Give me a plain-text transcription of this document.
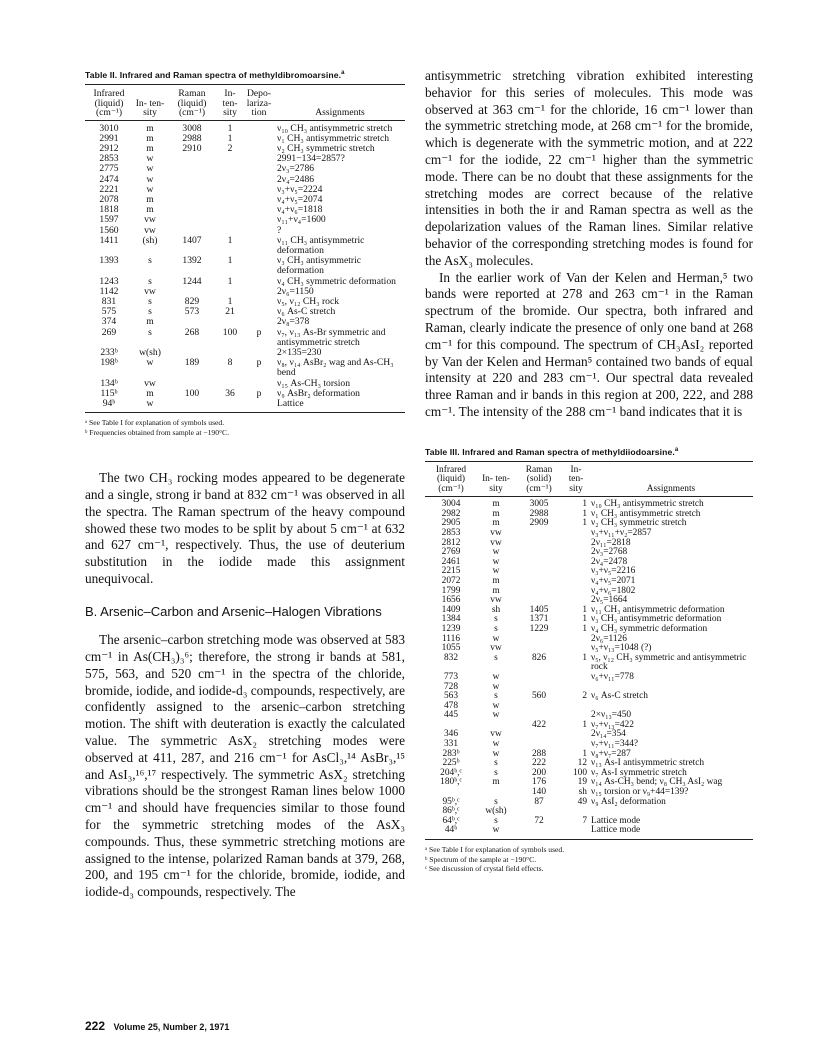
Table II. Infrared and Raman spectra of methyldibromoarsine.$^a$
Infrared (liquid) (cm⁻¹)	In- ten- sity	Raman (liquid) (cm⁻¹)	In- ten- sity	Depo- lariza- tion	Assignments
3010	m	3008	1		ν₁₀ CH₃ antisymmetric stretch
2991	m	2988	1		ν₁ CH₃ antisymmetric stretch
2912	m	2910	2		ν₂ CH₃ symmetric stretch
2853	w				2991−134=2857?
2775	w				2ν₃=2786
2474	w				2ν₄=2486
2221	w				ν₃+ν₅=2224
2078	m				ν₄+ν₅=2074
1818	m				ν₄+ν₆=1818
1597	vw				ν₁₁+ν₄=1600
1560	vw				?
1411	(sh)	1407	1		ν₁₁ CH₃ antisymmetric deformation
1393	s	1392	1		ν₃ CH₃ antisymmetric deformation
1243	s	1244	1		ν₄ CH₃ symmetric deformation
1142	vw				2ν₆=1150
831	s	829	1		ν₅, ν₁₂ CH₃ rock
575	s	573	21		ν₆ As-C stretch
374	m				2ν₈=378
269	s	268	100	p	ν₇, ν₁₃ As-Br symmetric and antisymmetric stretch
233ᵇ	w(sh)				2×135=230
198ᵇ	w	189	8	p	ν₈, ν₁₄ AsBr₂ wag and As-CH₃ bend
134ᵇ	vw				ν₁₅ As-CH₃ torsion
115ᵇ	m	100	36	p	ν₉ AsBr₂ deformation
94ᵇ	w				Lattice
ᵃ See Table I for explanation of symbols used.
ᵇ Frequencies obtained from sample at −190°C.

The two CH₃ rocking modes appeared to be degenerate and a single, strong ir band at 832 cm⁻¹ was observed in all the spectra. The Raman spectrum of the heavy compound showed these two modes to be split by about 5 cm⁻¹ at 632 and 627 cm⁻¹, respectively. Thus, the use of deuterium substitution in the iodide made this assignment unequivocal.

B. Arsenic–Carbon and Arsenic–Halogen Vibrations

The arsenic–carbon stretching mode was observed at 583 cm⁻¹ in As(CH₃)₃⁶; therefore, the strong ir bands at 581, 575, 563, and 520 cm⁻¹ in the spectra of the chloride, bromide, iodide, and iodide-d₃ compounds, respectively, are confidently assigned to the arsenic–carbon stretching motion. The shift with deuteration is exactly the calculated value. The symmetric AsX₂ stretching modes were observed at 411, 287, and 216 cm⁻¹ for AsCl₃,¹⁴ AsBr₃,¹⁵ and AsI₃,¹⁶,¹⁷ respectively. The symmetric AsX₂ stretching vibrations should be the strongest Raman lines below 1000 cm⁻¹ and should have frequencies similar to those found for the symmetric stretching modes of the AsX₃ compounds. Thus, these symmetric stretching motions are assigned to the intense, polarized Raman bands at 379, 268, 200, and 195 cm⁻¹ for the chloride, bromide, iodide, and iodide-d₃ compounds, respectively. The

antisymmetric stretching vibration exhibited interesting behavior for this series of molecules. This mode was observed at 363 cm⁻¹ for the chloride, 16 cm⁻¹ lower than the symmetric stretching mode, at 268 cm⁻¹ for the bromide, which is degenerate with the symmetric motion, and at 222 cm⁻¹ for the iodide, 22 cm⁻¹ higher than the symmetric mode. There can be no doubt that these assignments for the stretching modes are correct because of the relative intensities in both the ir and Raman spectra as well as the depolarization values of the Raman lines. Similar relative behavior of the corresponding stretching modes is found for the AsX₃ molecules.

In the earlier work of Van der Kelen and Herman,⁵ two bands were reported at 278 and 263 cm⁻¹ in the Raman spectrum of the bromide. Our spectra, both infrared and Raman, clearly indicate the presence of only one band at 268 cm⁻¹ for this compound. The spectrum of CH₃AsI₂ reported by Van der Kelen and Herman⁵ contained two bands of equal intensity at 220 and 283 cm⁻¹. Our spectral data revealed three Raman and ir bands in this region at 200, 222, and 288 cm⁻¹. The intensity of the 288 cm⁻¹ band indicates that it is

Table III. Infrared and Raman spectra of methyldiiodoarsine.$^a$
Infrared (liquid) (cm⁻¹)	In- ten- sity	Raman (solid) (cm⁻¹)	In- ten- sity	Assignments
3004	m	3005	1	ν₁₀ CH₃ antisymmetric stretch
2982	m	2988	1	ν₁ CH₃ antisymmetric stretch
2905	m	2909	1	ν₂ CH₃ symmetric stretch
2853	vw			ν₃+ν₁₁+ν₂=2857
2812	vw			2ν₁₁=2818
2769	w			2ν₃=2768
2461	w			2ν₄=2478
2215	w			ν₃+ν₅=2216
2072	m			ν₄+ν₅=2071
1799	m			ν₄+ν₆=1802
1656	vw			2ν₅=1664
1409	sh	1405	1	ν₁₁ CH₃ antisymmetric deformation
1384	s	1371	1	ν₃ CH₃ antisymmetric deformation
1239	s	1229	1	ν₄ CH₃ symmetric deformation
1116	w			2ν₆=1126
1055	vw			ν₅+ν₁₃=1048 (?)
832	s	826	1	ν₅, ν₁₂ CH₃ symmetric and antisymmetric rock
773	w			ν₆+ν₁₁=778
728	w			
563	s	560	2	ν₆ As-C stretch
478	w			
445	w			2×ν₁₃=450
		422	1	ν₇+ν₁₃=422
346	vw			2ν₁₄=354
331	w			ν₇+ν₁₁=344?
283ᵇ	w	288	1	ν₈+ν₇=287
225ᵇ	s	222	12	ν₁₃ As-I antisymmetric stretch
204ᵇ,ᶜ	s	200	100	ν₇ As-I symmetric stretch
180ᵇ,ᶜ	m	176	19	ν₁₄ As-CH₃ bend; ν₈ CH₃ AsI₂ wag
		140	sh	ν₁₅ torsion or ν₉+44=139?
95ᵇ,ᶜ	s	87	49	ν₉ AsI₂ deformation
86ᵇ,ᶜ	w(sh)			
64ᵇ,ᶜ	s	72	7	Lattice mode
44ᵇ	w			Lattice mode
ᵃ See Table I for explanation of symbols used.
ᵇ Spectrum of the sample at −190°C.
ᶜ See discussion of crystal field effects.
222 Volume 25, Number 2, 1971
